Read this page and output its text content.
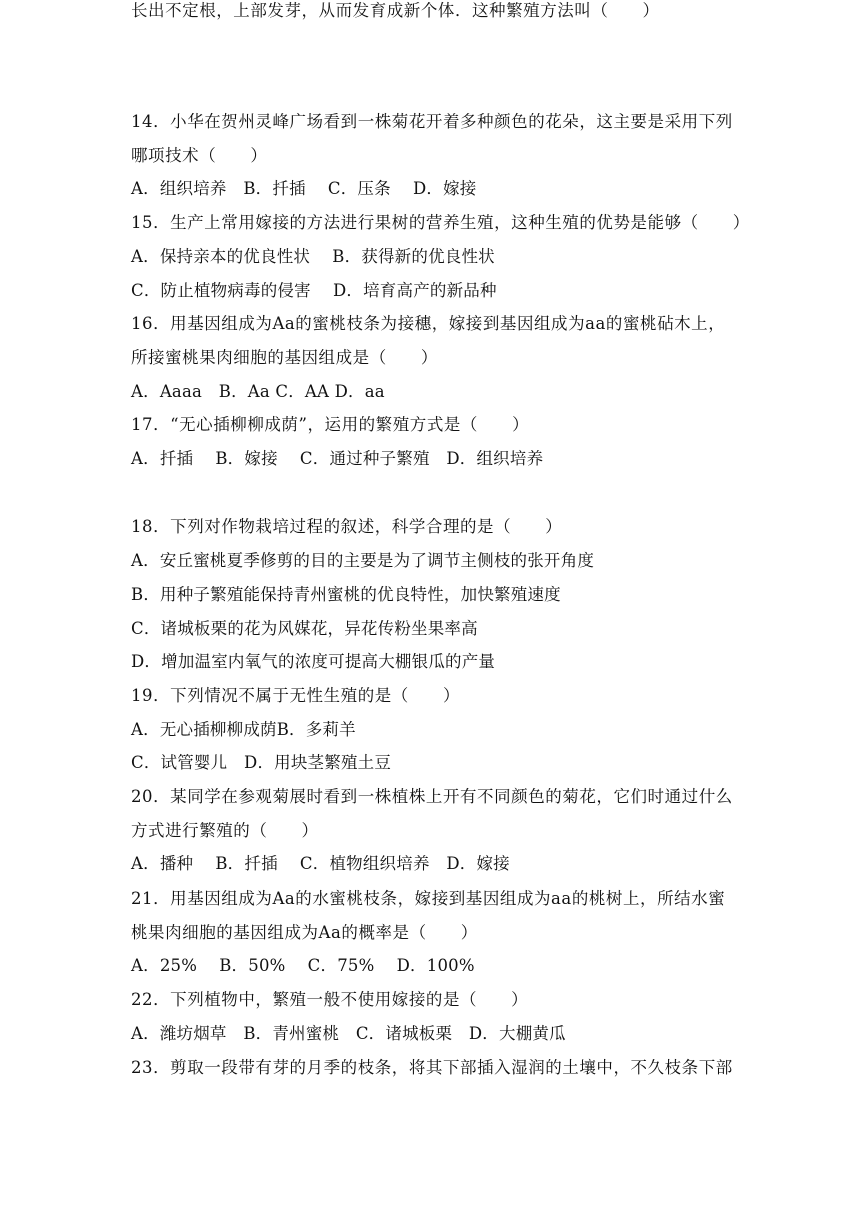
14．小华在贺州灵峰广场看到一株菊花开着多种颜色的花朵，这主要是采用下列
哪项技术（　　）
A．组织培养　B．扦插　 C．压条　 D．嫁接
15．生产上常用嫁接的方法进行果树的营养生殖，这种生殖的优势是能够（　　）
A．保持亲本的优良性状　 B．获得新的优良性状
C．防止植物病毒的侵害　 D．培育高产的新品种
16．用基因组成为Aa的蜜桃枝条为接穗，嫁接到基因组成为aa的蜜桃砧木上，
所接蜜桃果肉细胞的基因组成是（　　）
A．Aaaa　B．Aa C．AA D．aa
17．“无心插柳柳成荫”，运用的繁殖方式是（　　）
A．扦插　 B．嫁接　 C．通过种子繁殖　D．组织培养
18．下列对作物栽培过程的叙述，科学合理的是（　　）
A．安丘蜜桃夏季修剪的目的主要是为了调节主侧枝的张开角度
B．用种子繁殖能保持青州蜜桃的优良特性，加快繁殖速度
C．诸城板栗的花为风媒花，异花传粉坐果率高
D．增加温室内氧气的浓度可提高大棚银瓜的产量
19．下列情况不属于无性生殖的是（　　）
A．无心插柳柳成荫B．多莉羊
C．试管婴儿　D．用块茎繁殖土豆
20．某同学在参观菊展时看到一株植株上开有不同颜色的菊花，它们时通过什么
方式进行繁殖的（　　）
A．播种　 B．扦插　 C．植物组织培养　D．嫁接
21．用基因组成为Aa的水蜜桃枝条，嫁接到基因组成为aa的桃树上，所结水蜜
桃果肉细胞的基因组成为Aa的概率是（　　）
A．25%　 B．50%　 C．75%　 D．100%
22．下列植物中，繁殖一般不使用嫁接的是（　　）
A．潍坊烟草　B．青州蜜桃　C．诸城板栗　D．大棚黄瓜
23．剪取一段带有芽的月季的枝条，将其下部插入湿润的土壤中，不久枝条下部
长出不定根，上部发芽，从而发育成新个体．这种繁殖方法叫（　　）
